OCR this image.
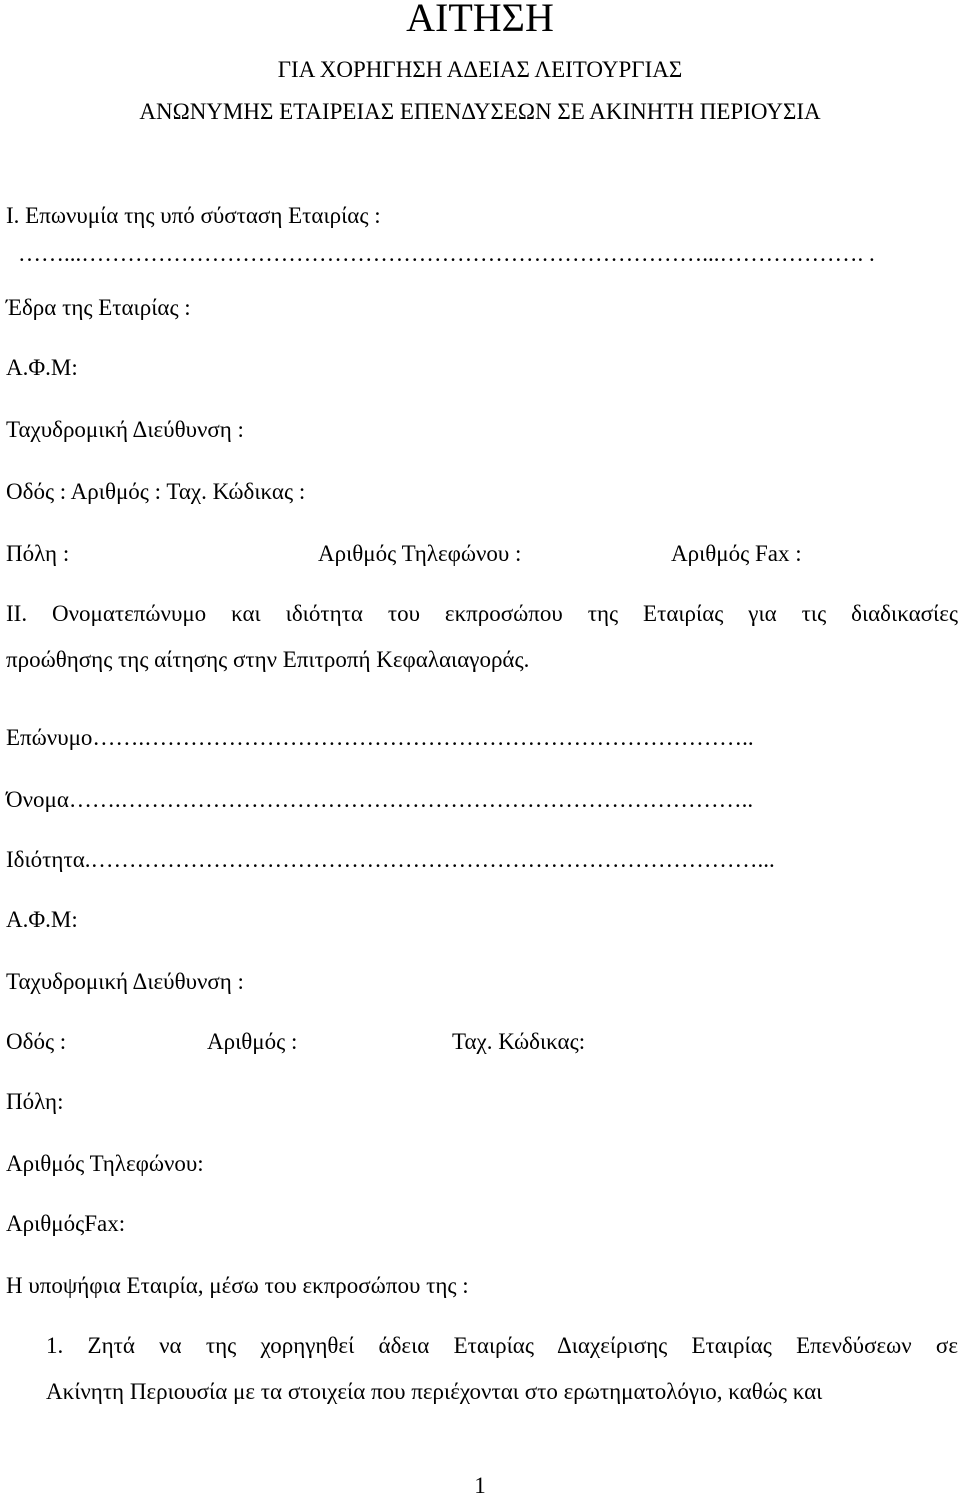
ΑΙΤΗΣΗ
ΓΙΑ ΧΟΡΗΓΗΣΗ ΑΔΕΙΑΣ ΛΕΙΤΟΥΡΓΙΑΣ
ΑΝΩΝΥΜΗΣ ΕΤΑΙΡΕΙΑΣ ΕΠΕΝΔΥΣΕΩΝ ΣΕ ΑΚΙΝΗΤΗ ΠΕΡΙΟΥΣΙΑ
Ι. Επωνυμία της υπό σύσταση Εταιρίας :
……...………………………………………………………………………...………………. .
Έδρα της Εταιρίας :
Α.Φ.Μ:
Ταχυδρομική Διεύθυνση :
Οδός : Αριθμός : Ταχ. Κώδικας :
Πόλη :	Αριθμός Τηλεφώνου :	Αριθμός Fax :
ΙΙ. Ονοματεπώνυμο και ιδιότητα του εκπροσώπου της Εταιρίας για τις διαδικασίες
προώθησης της αίτησης στην Επιτροπή Κεφαλαιαγοράς.
Επώνυμο…….……………………………………………………………………..
Όνομα…….………………………………………………………………………..
Ιδιότητα.……………………………………………………………………………...
Α.Φ.Μ:
Ταχυδρομική Διεύθυνση :
Οδός :	Αριθμός :	Ταχ. Κώδικας:
Πόλη:
Αριθμός Τηλεφώνου:
ΑριθμόςFax:
Η υποψήφια Εταιρία, μέσω του εκπροσώπου της :
1. Ζητά να της χορηγηθεί άδεια Εταιρίας Διαχείρισης Εταιρίας Επενδύσεων σε
Ακίνητη Περιουσία με τα στοιχεία που περιέχονται στο ερωτηματολόγιο, καθώς και
1
